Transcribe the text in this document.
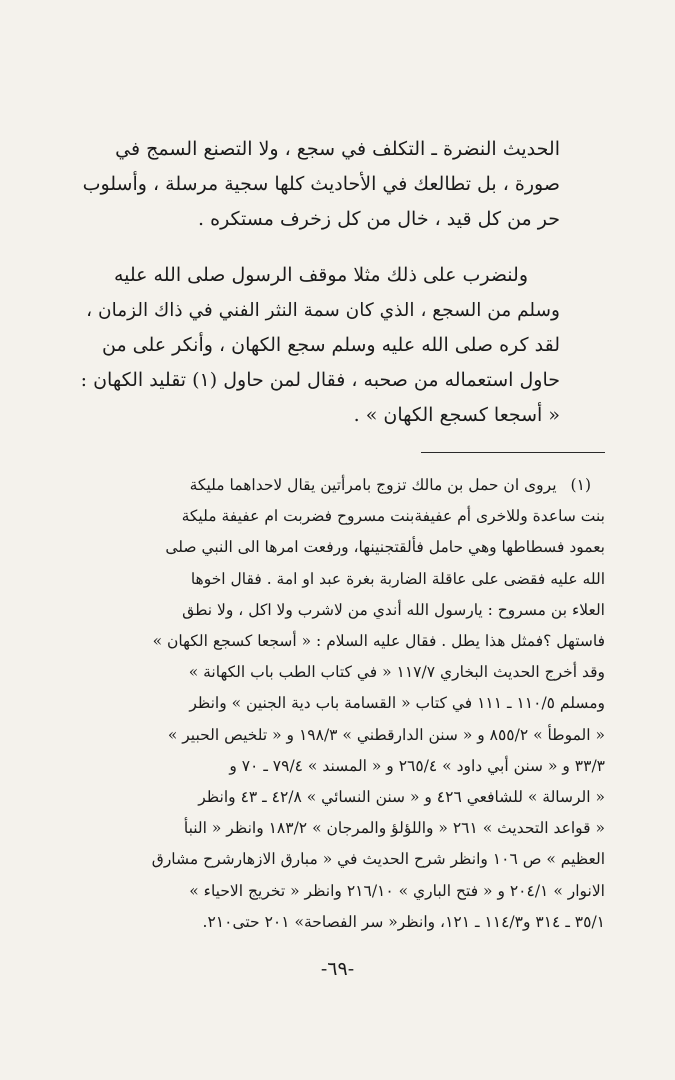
الحديث النضرة ـ التكلف في سجع ، ولا التصنع السمج في
صورة ، بل تطالعك في الأحاديث كلها سجية مرسلة ، وأسلوب
حر من كل قيد ، خال من كل زخرف مستكره .
ولنضرب على ذلك مثلا موقف الرسول صلى الله عليه
وسلم من السجع ، الذي كان سمة النثر الفني في ذاك الزمان ،
لقد كره صلى الله عليه وسلم سجع الكهان ، وأنكر على من
حاول استعماله من صحبه ، فقال لمن حاول (١) تقليد الكهان :
« أسجعا كسجع الكهان » .
(١)يروى ان حمل بن مالك تزوج بامرأتين يقال لاحداهما مليكة
بنت ساعدة وللاخرى أم عفيفةبنت مسروح فضربت ام عفيفة مليكة
بعمود فسطاطها وهي حامل فألقتجنينها، ورفعت امرها الى النبي صلى
الله عليه فقضى على عاقلة الضاربة بغرة عبد او امة . فقال اخوها
العلاء بن مسروح : يارسول الله أندي من لاشرب ولا اكل ، ولا نطق
فاستهل ؟فمثل هذا يطل . فقال عليه السلام : « أسجعا كسجع الكهان »
وقد أخرج الحديث البخاري ١١٧/٧ « في كتاب الطب باب الكهانة »
ومسلم ١١٠/٥ ـ ١١١ في كتاب « القسامة باب دية الجنين » وانظر
« الموطأ » ٨٥٥/٢ و « سنن الدارقطني » ١٩٨/٣ و « تلخيص الحبير »
٣٣/٣ و « سنن أبي داود » ٢٦٥/٤ و « المسند » ٧٩/٤ ـ ٧٠ و
« الرسالة » للشافعي ٤٢٦ و « سنن النسائي » ٤٢/٨ ـ ٤٣ وانظر
« قواعد التحديث » ٢٦١ « واللؤلؤ والمرجان » ١٨٣/٢ وانظر « النبأ
العظيم » ص ١٠٦ وانظر شرح الحديث في « مبارق الازهارشرح مشارق
الانوار » ٢٠٤/١ و « فتح الباري » ٢١٦/١٠ وانظر « تخريج الاحياء »
٣٥/١ ـ ٣١٤ و١١٤/٣ ـ ١٢١، وانظر« سر الفصاحة» ٢٠١ حتى٢١٠.
-٦٩-
